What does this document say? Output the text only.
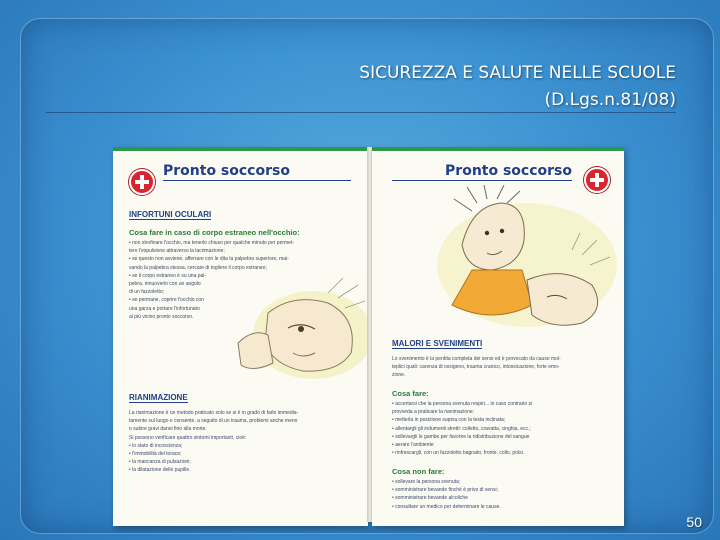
SICUREZZA E SALUTE NELLE SCUOLE
(D.Lgs.n.81/08)
Pronto soccorso
INFORTUNI OCULARI
Cosa fare in caso di corpo estraneo nell'occhio:
• non strofinare l'occhio, ma tenerlo chiuso per qualche minuto per permet-
tere l'espulsione attraverso la lacrimazione;
• se questo non avviene, afferrare con le dita la palpebra superiore, mai-
vando la palpebra stessa, cercare di togliere il corpo estraneo;
• se il corpo estraneo è su una pal-
pebra, rimuoverlo con un angolo
di un fazzoletto;
• se permane, coprire l'occhio con
una garza e portare l'infortunato
al più vicino pronto soccorso.
RIANIMAZIONE
La rianimazione è un metodo praticato solo se si è in grado di farlo immedia-
tamente sul luogo e consente, a seguito di un trauma, problemi anche meno
o subire gravi danni fino alla morte.
Si possono verificare quattro sintomi importanti, cioè:
• lo stato di incoscienza;
• l'immobilità del torace;
• la mancanza di pulsazioni;
• la dilatazione delle pupille.
Pronto soccorso
MALORI E SVENIMENTI
Lo svenimento è la perdita completa dei sensi ed è provocato da cause mol-
teplici quali: carenza di ossigeno, trauma cranico, intossicazione, forte emo-
zione.
Cosa fare:
• accertarsi che la persona svenuta respiri... in caso contrario si
provveda a praticare la rianimazione;
• metterla in posizione supina con la testa inclinata;
• allentargli gli indumenti stretti: colletto, cravatta, cinghia, ecc.;
• sollevargli le gambe per favorire la ridistribuzione del sangue
• aerare l'ambiente
• rinfrescargli, con un fazzoletto bagnato, fronte, collo, polsi.
Cosa non fare:
• sollevare la persona svenuta;
• somministrare bevande finché è privo di sensi;
• somministrare bevande alcoliche
• consultare un medico per determinare le cause.
50
